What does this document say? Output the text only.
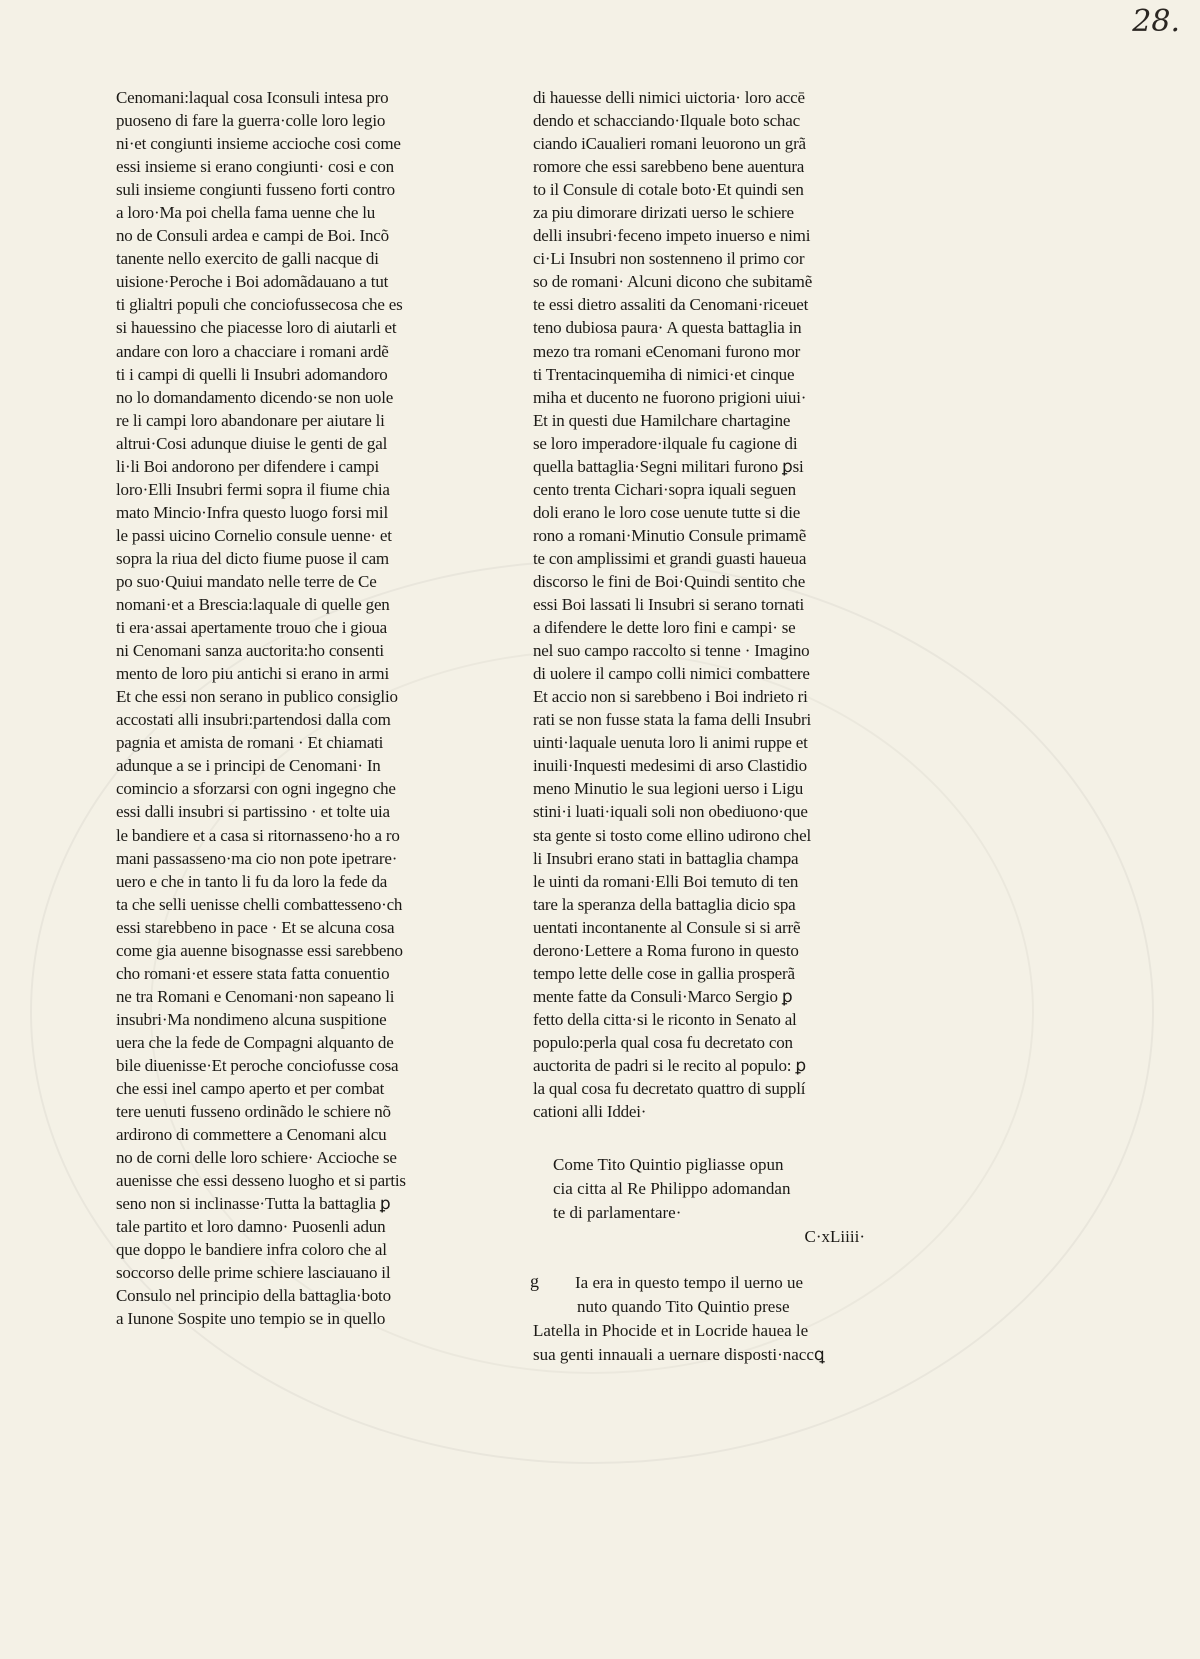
28.
Cenomani:laqual cosa Iconsuli intesa pro
puoseno di fare la guerra·colle loro legio
ni·et congiunti insieme accioche cosi come
essi insieme si erano congiunti· cosi e con
suli insieme congiunti fusseno forti contro
a loro·Ma poi chella fama uenne che lu
no de Consuli ardea e campi de Boi. Incõ
tanente nello exercito de galli nacque di
uisione·Peroche i Boi adomãdauano a tut
ti glialtri populi che conciofussecosa che es
si hauessino che piacesse loro di aiutarli et
andare con loro a chacciare i romani ardẽ
ti i campi di quelli li Insubri adomandoro
no lo domandamento dicendo·se non uole
re li campi loro abandonare per aiutare li
altrui·Cosi adunque diuise le genti de gal
li·li Boi andorono per difendere i campi
loro·Elli Insubri fermi sopra il fiume chia
mato Mincio·Infra questo luogo forsi mil
le passi uicino Cornelio consule uenne· et
sopra la riua del dicto fiume puose il cam
po suo·Quiui mandato nelle terre de Ce
nomani·et a Brescia:laquale di quelle gen
ti era·assai apertamente trouo che i gioua
ni Cenomani sanza auctorita:ho consenti
mento de loro piu antichi si erano in armi
Et che essi non serano in publico consiglio
accostati alli insubri:partendosi dalla com
pagnia et amista de romani · Et chiamati
adunque a se i principi de Cenomani· In
comincio a sforzarsi con ogni ingegno che
essi dalli insubri si partissino · et tolte uia
le bandiere et a casa si ritornasseno·ho a ro
mani passasseno·ma cio non pote ipetrare·
uero e che in tanto li fu da loro la fede da
ta che selli uenisse chelli combattesseno·ch
essi starebbeno in pace · Et se alcuna cosa
come gia auenne bisognasse essi sarebbeno
cho romani·et essere stata fatta conuentio
ne tra Romani e Cenomani·non sapeano li
insubri·Ma nondimeno alcuna suspitione
uera che la fede de Compagni alquanto de
bile diuenisse·Et peroche conciofusse cosa
che essi inel campo aperto et per combat
tere uenuti fusseno ordinãdo le schiere nõ
ardirono di commettere a Cenomani alcu
no de corni delle loro schiere· Accioche se
auenisse che essi desseno luogho et si partis
seno non si inclinasse·Tutta la battaglia ꝑ
tale partito et loro damno· Puosenli adun
que doppo le bandiere infra coloro che al
soccorso delle prime schiere lasciauano il
Consulo nel principio della battaglia·boto
a Iunone Sospite uno tempio se in quello
di hauesse delli nimici uictoria· loro accē
dendo et schacciando·Ilquale boto schac
ciando iCaualieri romani leuorono un grã
romore che essi sarebbeno bene auentura
to il Consule di cotale boto·Et quindi sen
za piu dimorare dirizati uerso le schiere
delli insubri·feceno impeto inuerso e nimi
ci·Li Insubri non sostenneno il primo cor
so de romani· Alcuni dicono che subitamẽ
te essi dietro assaliti da Cenomani·riceuet
teno dubiosa paura· A questa battaglia in
mezo tra romani eCenomani furono mor
ti Trentacinquemiha di nimici·et cinque
miha et ducento ne fuorono prigioni uiui·
Et in questi due Hamilchare chartagine
se loro imperadore·ilquale fu cagione di
quella battaglia·Segni militari furono ꝑsi
cento trenta Cichari·sopra iquali seguen
doli erano le loro cose uenute tutte si die
rono a romani·Minutio Consule primamẽ
te con amplissimi et grandi guasti haueua
discorso le fini de Boi·Quindi sentito che
essi Boi lassati li Insubri si serano tornati
a difendere le dette loro fini e campi· se
nel suo campo raccolto si tenne · Imagino
di uolere il campo colli nimici combattere
Et accio non si sarebbeno i Boi indrieto ri
rati se non fusse stata la fama delli Insubri
uinti·laquale uenuta loro li animi ruppe et
inuili·Inquesti medesimi di arso Clastidio
meno Minutio le sua legioni uerso i Ligu
stini·i luati·iquali soli non obediuono·que
sta gente si tosto come ellino udirono chel
li Insubri erano stati in battaglia champa
le uinti da romani·Elli Boi temuto di ten
tare la speranza della battaglia dicio spa
uentati incontanente al Consule si si arrẽ
derono·Lettere a Roma furono in questo
tempo lette delle cose in gallia prosperã
mente fatte da Consuli·Marco Sergio ꝑ
fetto della citta·si le riconto in Senato al
populo:perla qual cosa fu decretato con
auctorita de padri si le recito al populo: ꝑ
la qual cosa fu decretato quattro di supplí
cationi alli Iddei·
Come Tito Quintio pigliasse opun
cia citta al Re Philippo adomandan
te di parlamentare·
C·xLiiii·
g	Ia era in questo tempo il uerno ue
nuto quando Tito Quintio prese
Latella in Phocide et in Locride hauea le
sua genti innauali a uernare disposti·naccꝗ
